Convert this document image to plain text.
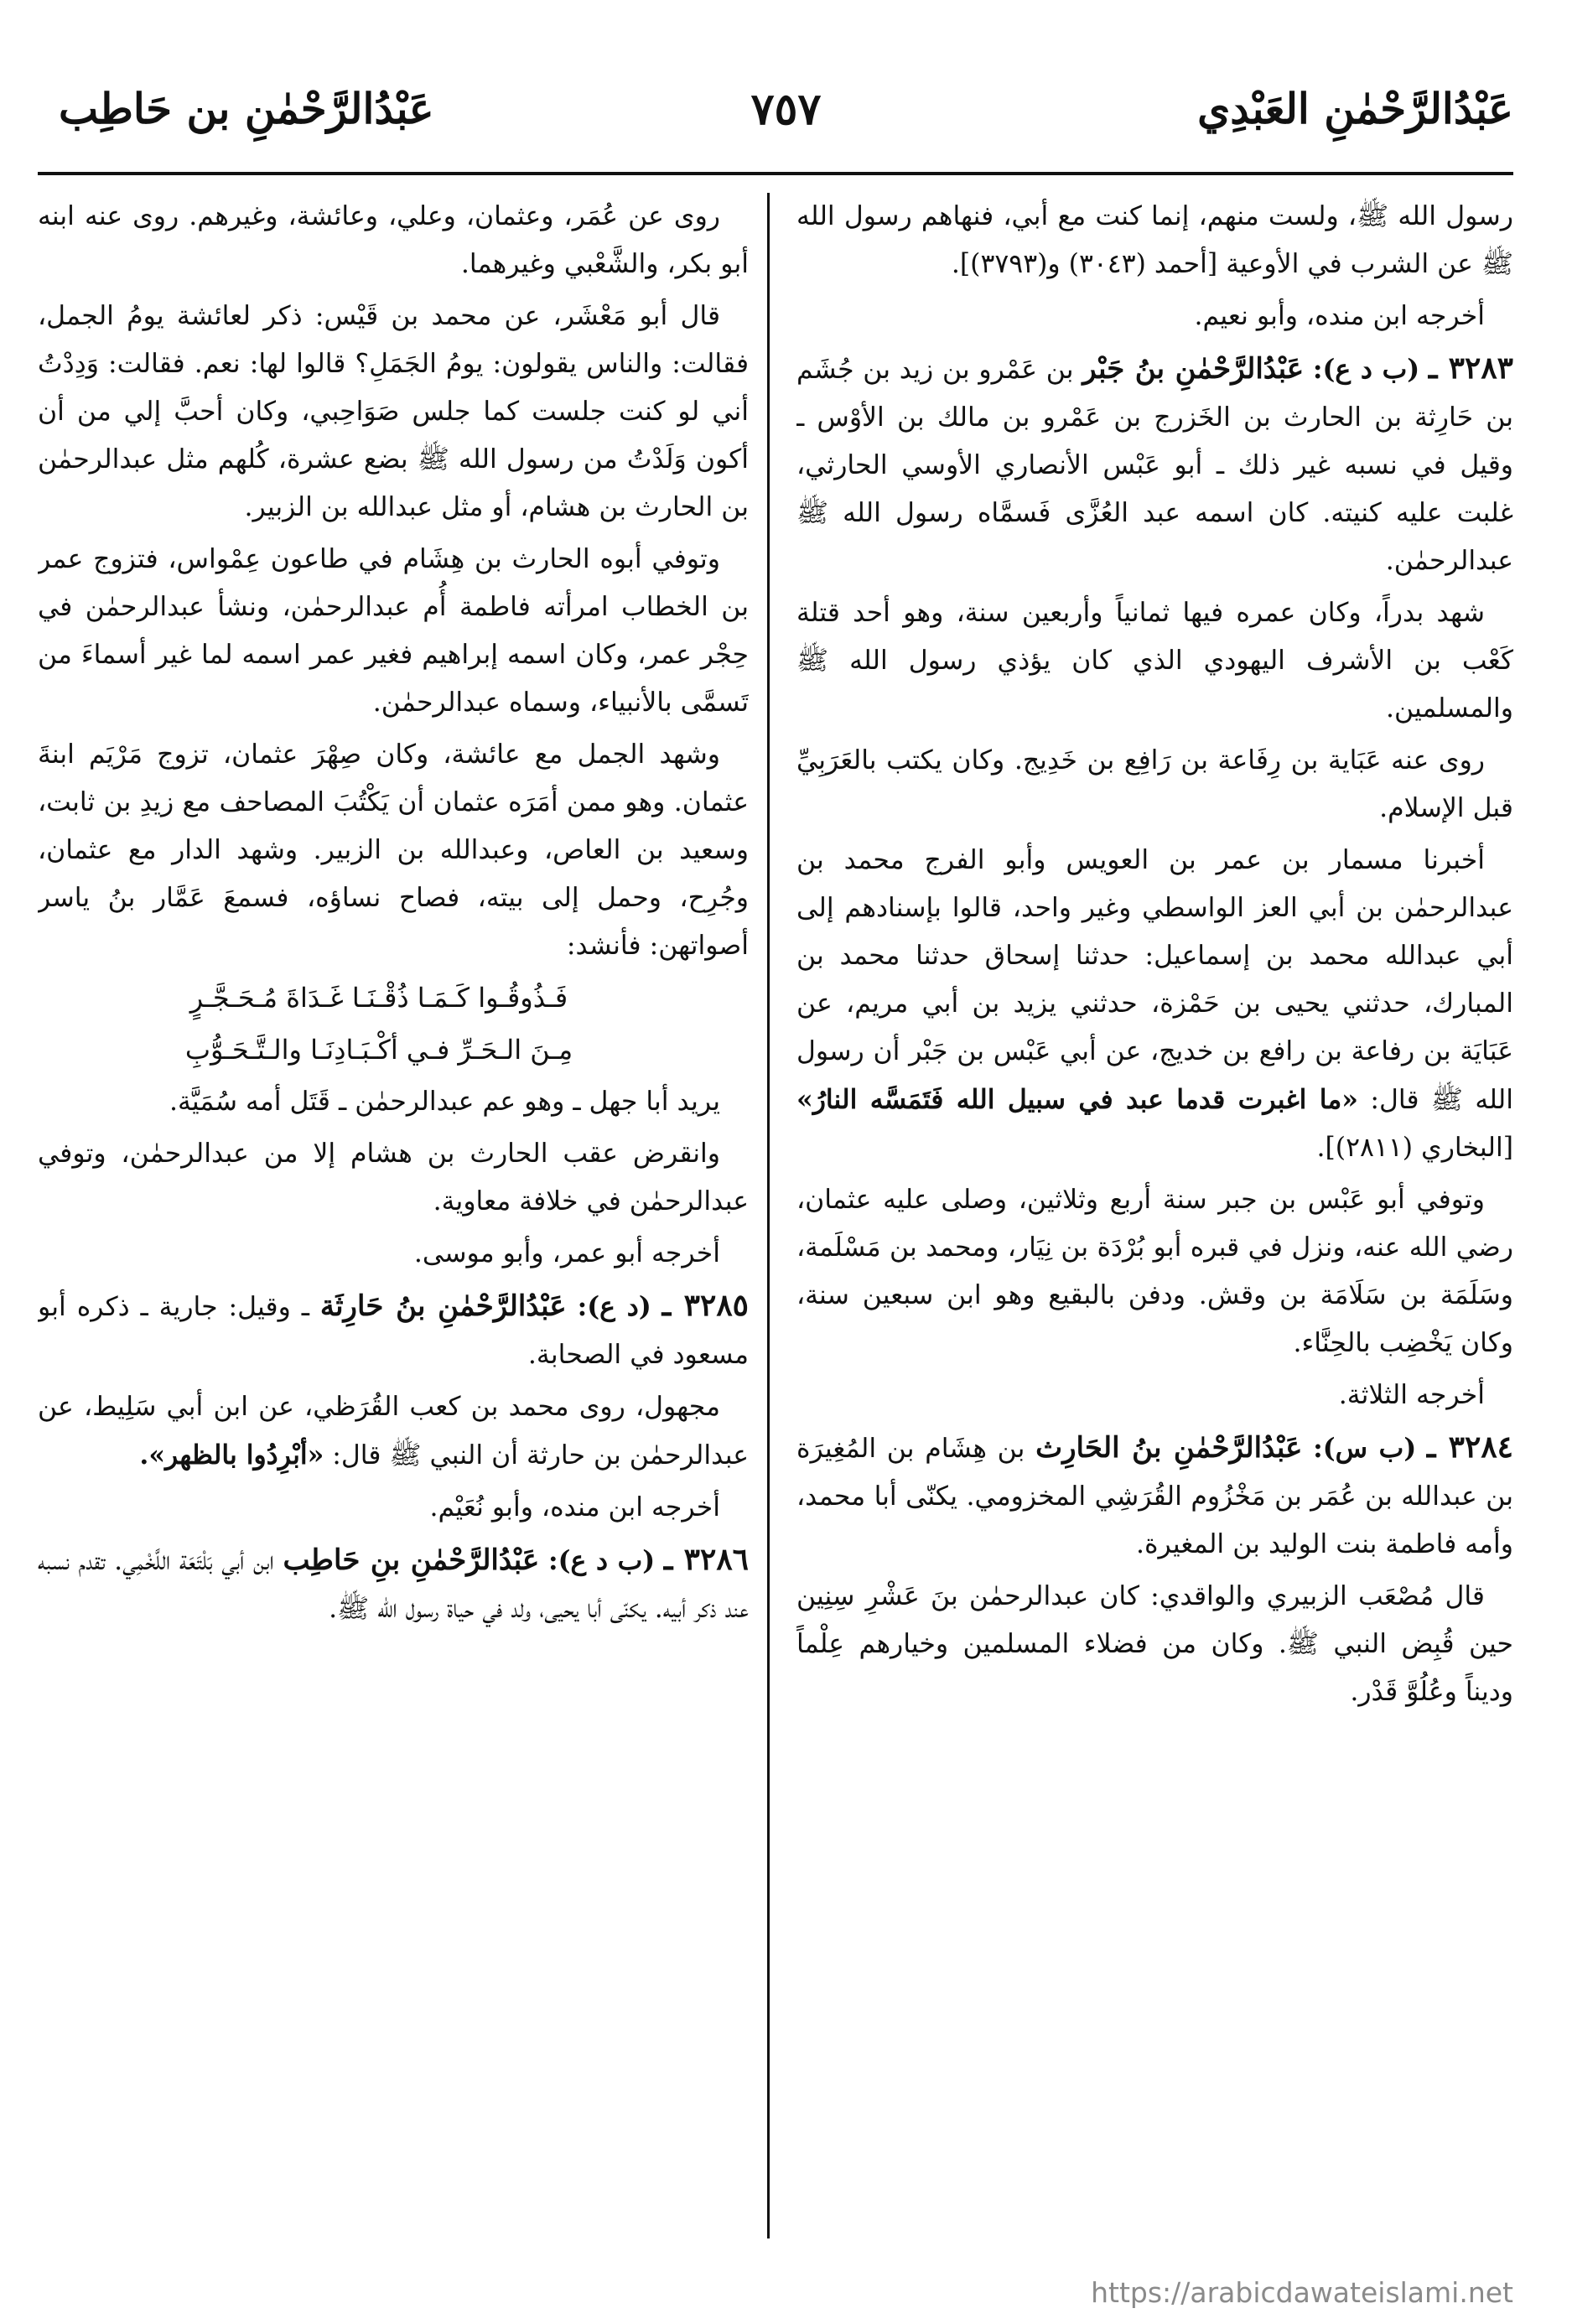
عَبْدُالرَّحْمٰنِ العَبْدِي
٧٥٧
عَبْدُالرَّحْمٰنِ بن حَاطِب

رسول الله ﷺ، ولست منهم، إنما كنت مع أبي، فنهاهم رسول الله ﷺ عن الشرب في الأوعية [أحمد (٣٠٤٣) و(٣٧٩٣)].

أخرجه ابن منده، وأبو نعيم.

٣٢٨٣ ـ (ب د ع): عَبْدُالرَّحْمٰنِ بنُ جَبْر بن عَمْرو بن زيد بن جُشَم بن حَارِثة بن الحارث بن الخَزرج بن عَمْرو بن مالك بن الأوْس ـ وقيل في نسبه غير ذلك ـ أبو عَبْس الأنصاري الأوسي الحارثي، غلبت عليه كنيته. كان اسمه عبد العُزَّى فَسمَّاه رسول الله ﷺ عبدالرحمٰن.

شهد بدراً، وكان عمره فيها ثمانياً وأربعين سنة، وهو أحد قتلة كَعْب بن الأشرف اليهودي الذي كان يؤذي رسول الله ﷺ والمسلمين.

روى عنه عَبَاية بن رِفَاعة بن رَافِع بن خَدِيج. وكان يكتب بالعَرَبِيِّ قبل الإسلام.

أخبرنا مسمار بن عمر بن العويس وأبو الفرج محمد بن عبدالرحمٰن بن أبي العز الواسطي وغير واحد، قالوا بإسنادهم إلى أبي عبدالله محمد بن إسماعيل: حدثنا إسحاق حدثنا محمد بن المبارك، حدثني يحيى بن حَمْزة، حدثني يزيد بن أبي مريم، عن عَبَايَة بن رفاعة بن رافع بن خديج، عن أبي عَبْس بن جَبْر أن رسول الله ﷺ قال: «ما اغبرت قدما عبد في سبيل الله فَتَمَسَّه النارُ» [البخاري (٢٨١١)].

وتوفي أبو عَبْس بن جبر سنة أربع وثلاثين، وصلى عليه عثمان، رضي الله عنه، ونزل في قبره أبو بُرْدَة بن نِيَار، ومحمد بن مَسْلَمة، وسَلَمَة بن سَلَامَة بن وقش. ودفن بالبقيع وهو ابن سبعين سنة، وكان يَخْضِب بالحِنَّاء.

أخرجه الثلاثة.

٣٢٨٤ ـ (ب س): عَبْدُالرَّحْمٰنِ بنُ الحَارِث بن هِشَام بن المُغِيرَة بن عبدالله بن عُمَر بن مَخْزُوم القُرَشِي المخزومي. يكنّى أبا محمد، وأمه فاطمة بنت الوليد بن المغيرة.

قال مُصْعَب الزبيري والواقدي: كان عبدالرحمٰن بنَ عَشْرِ سِنِين حين قُبِض النبي ﷺ. وكان من فضلاء المسلمين وخيارهم عِلْماً وديناً وعُلُوَّ قَدْر.

روى عن عُمَر، وعثمان، وعلي، وعائشة، وغيرهم. روى عنه ابنه أبو بكر، والشَّعْبي وغيرهما.

قال أبو مَعْشَر، عن محمد بن قَيْس: ذكر لعائشة يومُ الجمل، فقالت: والناس يقولون: يومُ الجَمَلِ؟ قالوا لها: نعم. فقالت: وَدِدْتُ أني لو كنت جلست كما جلس صَوَاحِبي، وكان أحبَّ إلي من أن أكون وَلَدْتُ من رسول الله ﷺ بضع عشرة، كُلهم مثل عبدالرحمٰن بن الحارث بن هشام، أو مثل عبدالله بن الزبير.

وتوفي أبوه الحارث بن هِشَام في طاعون عِمْواس، فتزوج عمر بن الخطاب امرأته فاطمة أُم عبدالرحمٰن، ونشأ عبدالرحمٰن في حِجْر عمر، وكان اسمه إبراهيم فغير عمر اسمه لما غير أسماءَ من تَسمَّى بالأنبياء، وسماه عبدالرحمٰن.

وشهد الجمل مع عائشة، وكان صِهْرَ عثمان، تزوج مَرْيَم ابنةَ عثمان. وهو ممن أمَرَه عثمان أن يَكْتُبَ المصاحف مع زيدِ بن ثابت، وسعيد بن العاص، وعبدالله بن الزبير. وشهد الدار مع عثمان، وجُرِح، وحمل إلى بيته، فصاح نساؤه، فسمعَ عَمَّار بنُ ياسر أصواتهن: فأنشد:

فَـذُوقُـوا كَـمَـا ذُقْـنَـا غَـدَاةَ مُـحَـجَّـرٍ

مِـنَ الـحَـرِّ فـي أكْـبَـادِنَـا والـتَّـحَـوُّبِ

يريد أبا جهل ـ وهو عم عبدالرحمٰن ـ قَتَل أمه سُمَيَّة.

وانقرض عقب الحارث بن هشام إلا من عبدالرحمٰن، وتوفي عبدالرحمٰن في خلافة معاوية.

أخرجه أبو عمر، وأبو موسى.

٣٢٨٥ ـ (د ع): عَبْدُالرَّحْمٰنِ بنُ حَارِثَة ـ وقيل: جارية ـ ذكره أبو مسعود في الصحابة.

مجهول، روى محمد بن كعب القُرَظي، عن ابن أبي سَلِيط، عن عبدالرحمٰن بن حارثة أن النبي ﷺ قال: «أبْرِدُوا بالظهر».

أخرجه ابن منده، وأبو نُعَيْم.

٣٢٨٦ ـ (ب د ع): عَبْدُالرَّحْمٰنِ بنِ حَاطِب ابن أبي بَلْتَعَة اللَّخْمِي. تقدم نسبه عند ذكر أبيه. يكنّى أبا يحيى، ولد في حياة رسول الله ﷺ.

https://arabicdawateislami.net
